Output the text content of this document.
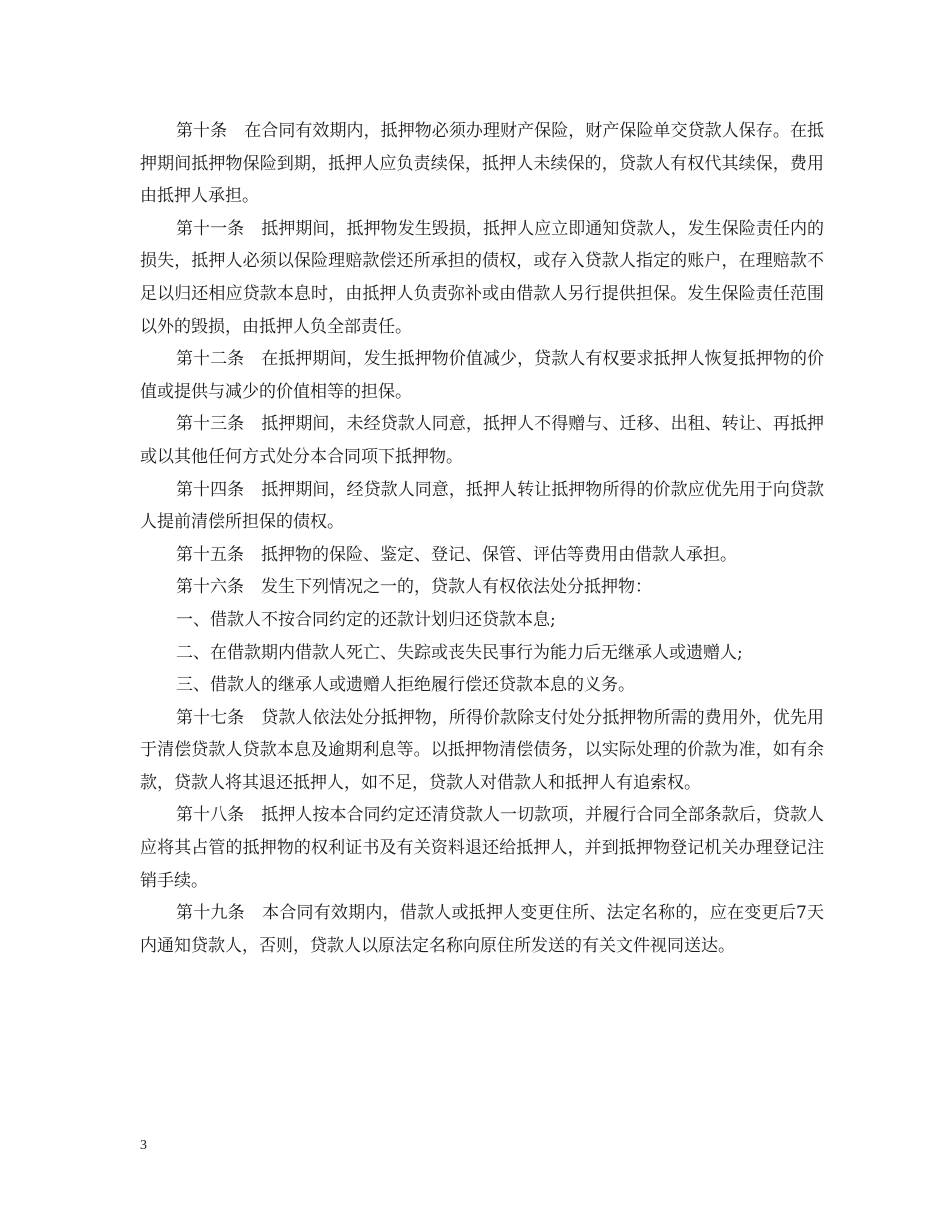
第十条　在合同有效期内，抵押物必须办理财产保险，财产保险单交贷款人保存。在抵押期间抵押物保险到期，抵押人应负责续保，抵押人未续保的，贷款人有权代其续保，费用由抵押人承担。

第十一条　抵押期间，抵押物发生毁损，抵押人应立即通知贷款人，发生保险责任内的损失，抵押人必须以保险理赔款偿还所承担的债权，或存入贷款人指定的账户，在理赔款不足以归还相应贷款本息时，由抵押人负责弥补或由借款人另行提供担保。发生保险责任范围以外的毁损，由抵押人负全部责任。

第十二条　在抵押期间，发生抵押物价值减少，贷款人有权要求抵押人恢复抵押物的价值或提供与减少的价值相等的担保。

第十三条　抵押期间，未经贷款人同意，抵押人不得赠与、迁移、出租、转让、再抵押或以其他任何方式处分本合同项下抵押物。

第十四条　抵押期间，经贷款人同意，抵押人转让抵押物所得的价款应优先用于向贷款人提前清偿所担保的债权。

第十五条　抵押物的保险、鉴定、登记、保管、评估等费用由借款人承担。

第十六条　发生下列情况之一的，贷款人有权依法处分抵押物：

一、借款人不按合同约定的还款计划归还贷款本息;

二、在借款期内借款人死亡、失踪或丧失民事行为能力后无继承人或遗赠人;

三、借款人的继承人或遗赠人拒绝履行偿还贷款本息的义务。

第十七条　贷款人依法处分抵押物，所得价款除支付处分抵押物所需的费用外，优先用于清偿贷款人贷款本息及逾期利息等。以抵押物清偿债务，以实际处理的价款为准，如有余款，贷款人将其退还抵押人，如不足，贷款人对借款人和抵押人有追索权。

第十八条　抵押人按本合同约定还清贷款人一切款项，并履行合同全部条款后，贷款人应将其占管的抵押物的权利证书及有关资料退还给抵押人，并到抵押物登记机关办理登记注销手续。

第十九条　本合同有效期内，借款人或抵押人变更住所、法定名称的，应在变更后7天内通知贷款人，否则，贷款人以原法定名称向原住所发送的有关文件视同送达。

3
